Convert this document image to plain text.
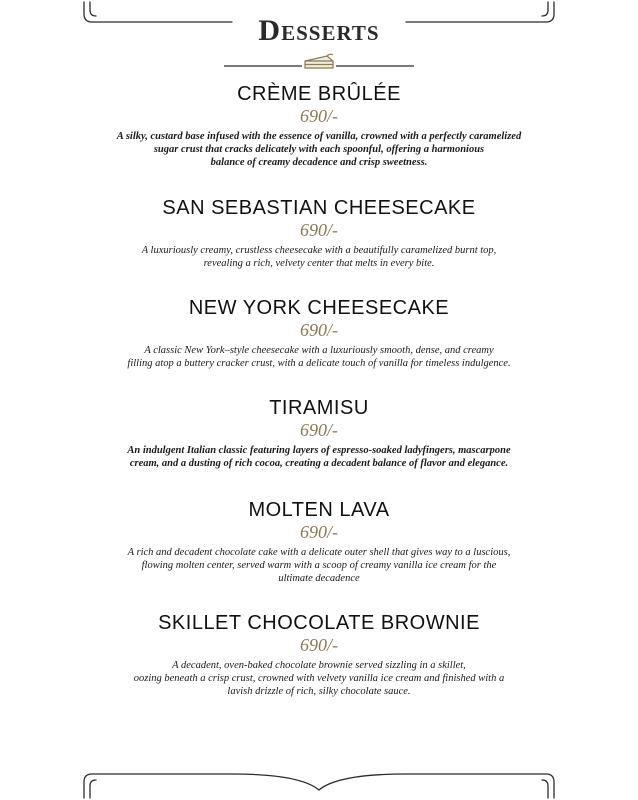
Desserts

CRÈME BRÛLÉE

690/-

A silky, custard base infused with the essence of vanilla, crowned with a perfectly caramelized
sugar crust that cracks delicately with each spoonful, offering a harmonious
balance of creamy decadence and crisp sweetness.

SAN SEBASTIAN CHEESECAKE

690/-

A luxuriously creamy, crustless cheesecake with a beautifully caramelized burnt top,
revealing a rich, velvety center that melts in every bite.

NEW YORK CHEESECAKE

690/-

A classic New York–style cheesecake with a luxuriously smooth, dense, and creamy
filling atop a buttery cracker crust, with a delicate touch of vanilla for timeless indulgence.

TIRAMISU

690/-

An indulgent Italian classic featuring layers of espresso-soaked ladyfingers, mascarpone
cream, and a dusting of rich cocoa, creating a decadent balance of flavor and elegance.

MOLTEN LAVA

690/-

A rich and decadent chocolate cake with a delicate outer shell that gives way to a luscious,
flowing molten center, served warm with a scoop of creamy vanilla ice cream for the
ultimate decadence

SKILLET CHOCOLATE BROWNIE

690/-

A decadent, oven-baked chocolate brownie served sizzling in a skillet,
oozing beneath a crisp crust, crowned with velvety vanilla ice cream and finished with a
lavish drizzle of rich, silky chocolate sauce.
